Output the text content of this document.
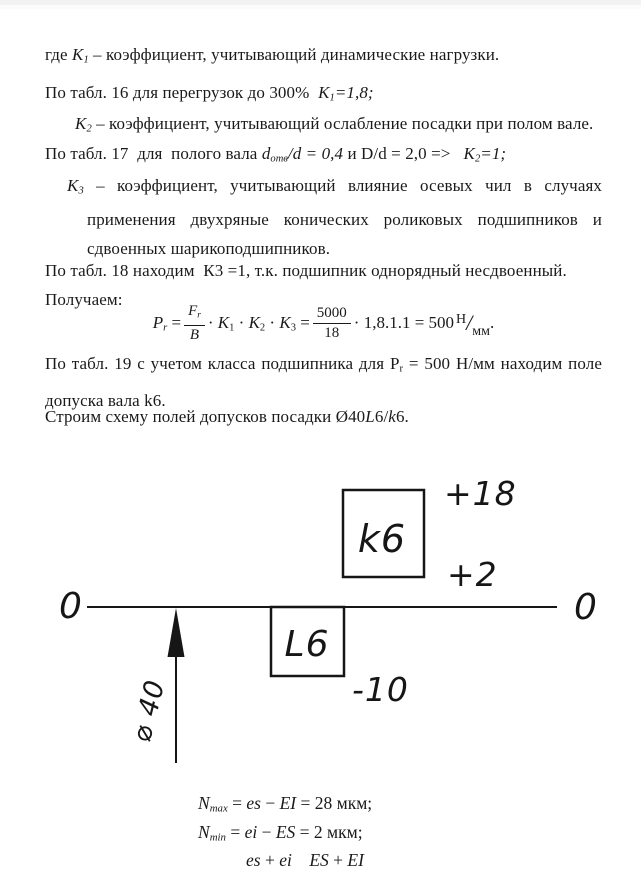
где $K_1$ – коэффициент, учитывающий динамические нагрузки.

По табл. 16 для перегрузок до 300%  $K_1=1,8$;

$K_2$ – коэффициент, учитывающий ослабление посадки при полом вале.

По табл. 17  для  полого вала $d_{отв}/d = 0,4$ и $D/d = 2,0 => K_2=1$;

$K_3$ – коэффициент, учитывающий влияние осевых чил в случаях применения двухряные конических роликовых подшипников и сдвоенных шарикоподшипников.

По табл. 18 находим  К3 =1, т.к. подшипник однорядный несдвоенный.

Получаем:

$P_r = \frac{F_r}{B} \cdot K_1 \cdot K_2 \cdot K_3 = \frac{5000}{18} \cdot 1,8.1.1 = 500$ $^Н/_{мм}$ .

По табл. 19 с учетом класса подшипника для $P_r = 500$ Н/мм находим поле допуска вала k6.

Строим схему полей допусков посадки Ø40L6/k6.

0	0
k6
+18
+2
L6
-10
⌀ 40
$N_{max}$ = es − EI = 28 мкм;
$N_{min}$ = ei − ES = 2 мкм;
es + ei ES + EI
